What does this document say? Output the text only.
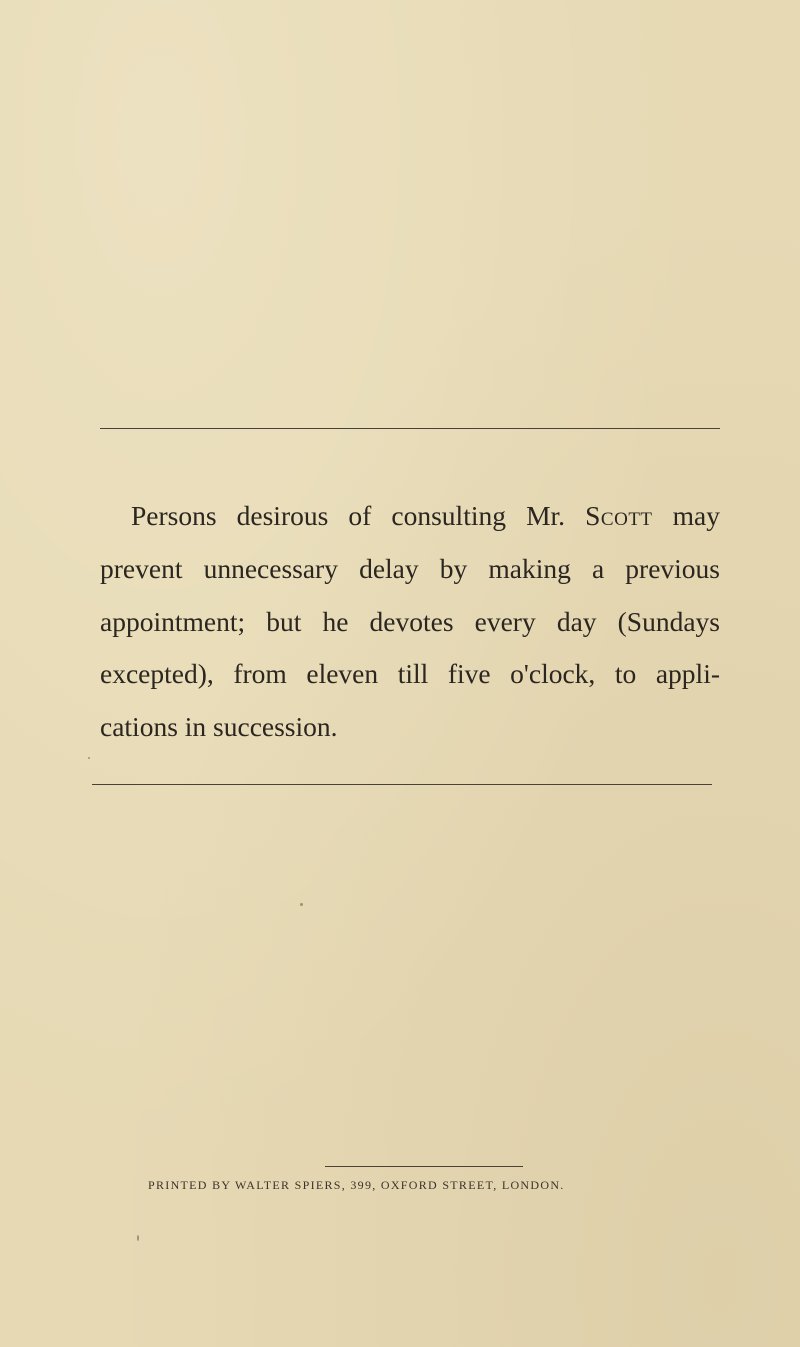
Persons desirous of consulting Mr. Scott may
prevent unnecessary delay by making a previous
appointment; but he devotes every day (Sundays
excepted), from eleven till five o'clock, to appli-
cations in succession.

PRINTED BY WALTER SPIERS, 399, OXFORD STREET, LONDON.
